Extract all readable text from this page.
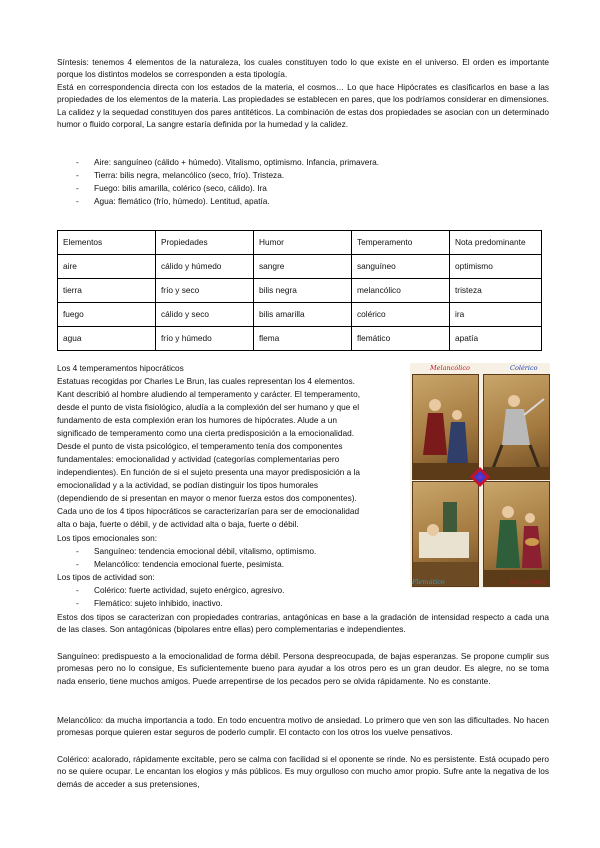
Síntesis: tenemos 4 elementos de la naturaleza, los cuales constituyen todo lo que existe en el universo. El orden es importante porque los distintos modelos se corresponden a esta tipología.

Está en correspondencia directa con los estados de la materia, el cosmos… Lo que hace Hipócrates es clasificarlos en base a las propiedades de los elementos de la materia. Las propiedades se establecen en pares, que los podríamos considerar en dimensiones. La calidez y la sequedad constituyen dos pares antitéticos. La combinación de estas dos propiedades se asocian con un determinado humor o fluido corporal, La sangre estaría definida por la humedad y la calidez.

- Aire: sanguíneo (cálido + húmedo). Vitalismo, optimismo. Infancia, primavera.
- Tierra: bilis negra, melancólico (seco, frío). Tristeza.
- Fuego: bilis amarilla, colérico (seco, cálido). Ira
- Agua: flemático (frío, húmedo). Lentitud, apatía.
Elementos	Propiedades	Humor	Temperamento	Nota predominante
aire	cálido y húmedo	sangre	sanguíneo	optimismo
tierra	frío y seco	bilis negra	melancólico	tristeza
fuego	cálido y seco	bilis amarilla	colérico	ira
agua	frío y húmedo	flema	flemático	apatía
Los 4 temperamentos hipocráticos

Estatuas recogidas por Charles Le Brun, las cuales representan los 4 elementos.

Kant describió al hombre aludiendo al temperamento y carácter. El temperamento,

desde el punto de vista fisiológico, aludía a la complexión del ser humano y que el

fundamento de esta complexión eran los humores de hipócrates. Alude a un

significado de temperamento como una cierta predisposición a la emocionalidad.

Desde el punto de vista psicológico, el temperamento tenía dos componentes

fundamentales: emocionalidad y actividad (categorías complementarias pero

independientes). En función de si el sujeto presenta una mayor predisposición a la

emocionalidad y a la actividad, se podían distinguir los tipos humorales

(dependiendo de si presentan en mayor o menor fuerza estos dos componentes).

Cada uno de los 4 tipos hipocráticos se caracterizarían para ser de emocionalidad

alta o baja, fuerte o débil, y de actividad alta o baja, fuerte o débil.

Los tipos emocionales son:
- Sanguíneo: tendencia emocional débil, vitalismo, optimismo.
- Melancólico: tendencia emocional fuerte, pesimista.
Los tipos de actividad son:
- Colérico: fuerte actividad, sujeto enérgico, agresivo.
- Flemático: sujeto inhibido, inactivo.

Estos dos tipos se caracterizan con propiedades contrarias, antagónicas en base a la gradación de intensidad respecto a cada una de las clases. Son antagónicas (bipolares entre ellas) pero complementarias e independientes.

Sanguíneo: predispuesto a la emocionalidad de forma débil. Persona despreocupada, de bajas esperanzas. Se propone cumplir sus promesas pero no lo consigue, Es suficientemente bueno para ayudar a los otros pero es un gran deudor. Es alegre, no se toma nada enserio, tiene muchos amigos. Puede arrepentirse de los pecados pero se olvida rápidamente. No es constante.

Melancólico: da mucha importancia a todo. En todo encuentra motivo de ansiedad. Lo primero que ven son las dificultades. No hacen promesas porque quieren estar seguros de poderlo cumplir. El contacto con los otros los vuelve pensativos.

Colérico: acalorado, rápidamente excitable, pero se calma con facilidad si el oponente se rinde. No es persistente. Está ocupado pero no se quiere ocupar. Le encantan los elogios y más públicos. Es muy orgulloso con mucho amor propio. Sufre ante la negativa de los demás de acceder a sus pretensiones,

Melancólico	Colérico
Flemático	Sanguíneo
